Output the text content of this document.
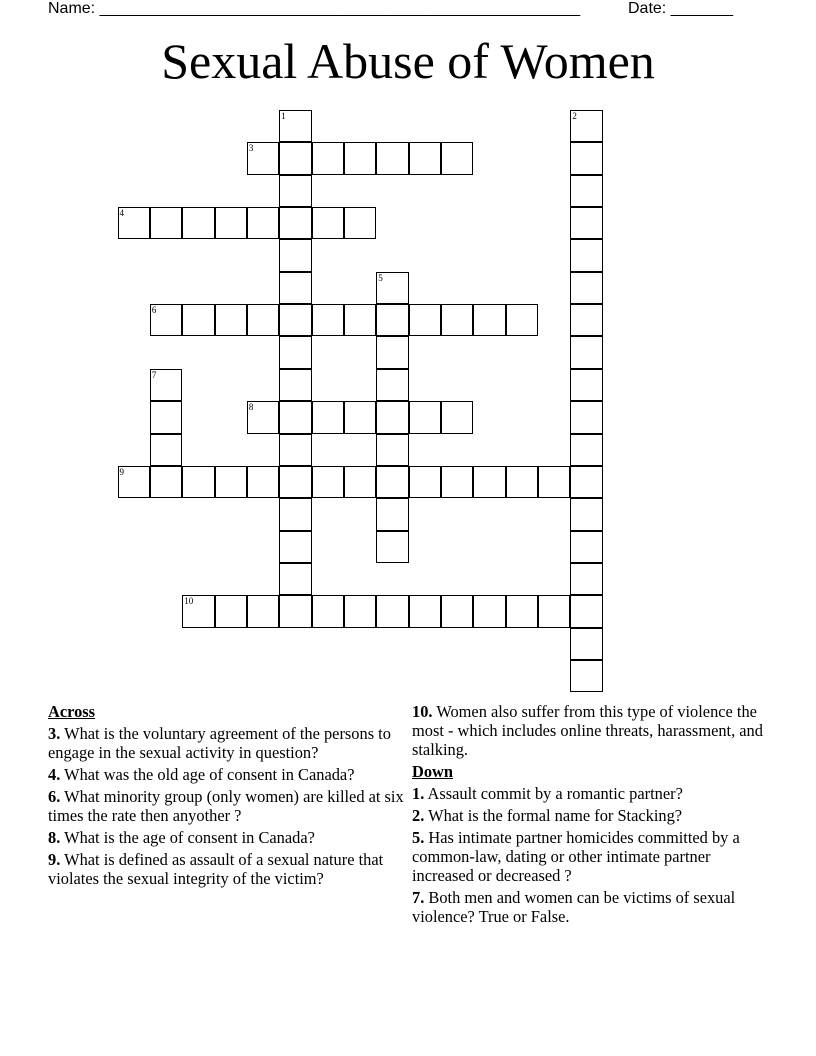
Name: ______________________________________________________	Date: _______
Sexual Abuse of Women
1	2
3
4
5
6
7
8
9
10
Across
3. What is the voluntary agreement of the persons to engage in the sexual activity in question?
4. What was the old age of consent in Canada?
6. What minority group (only women) are killed at six times the rate then anyother ?
8. What is the age of consent in Canada?
9. What is defined as assault of a sexual nature that violates the sexual integrity of the victim?
10. Women also suffer from this type of violence the most - which includes online threats, harassment, and stalking.
Down
1. Assault commit by a romantic partner?
2. What is the formal name for Stacking?
5. Has intimate partner homicides committed by a common-law, dating or other intimate partner increased or decreased ?
7. Both men and women can be victims of sexual violence? True or False.
